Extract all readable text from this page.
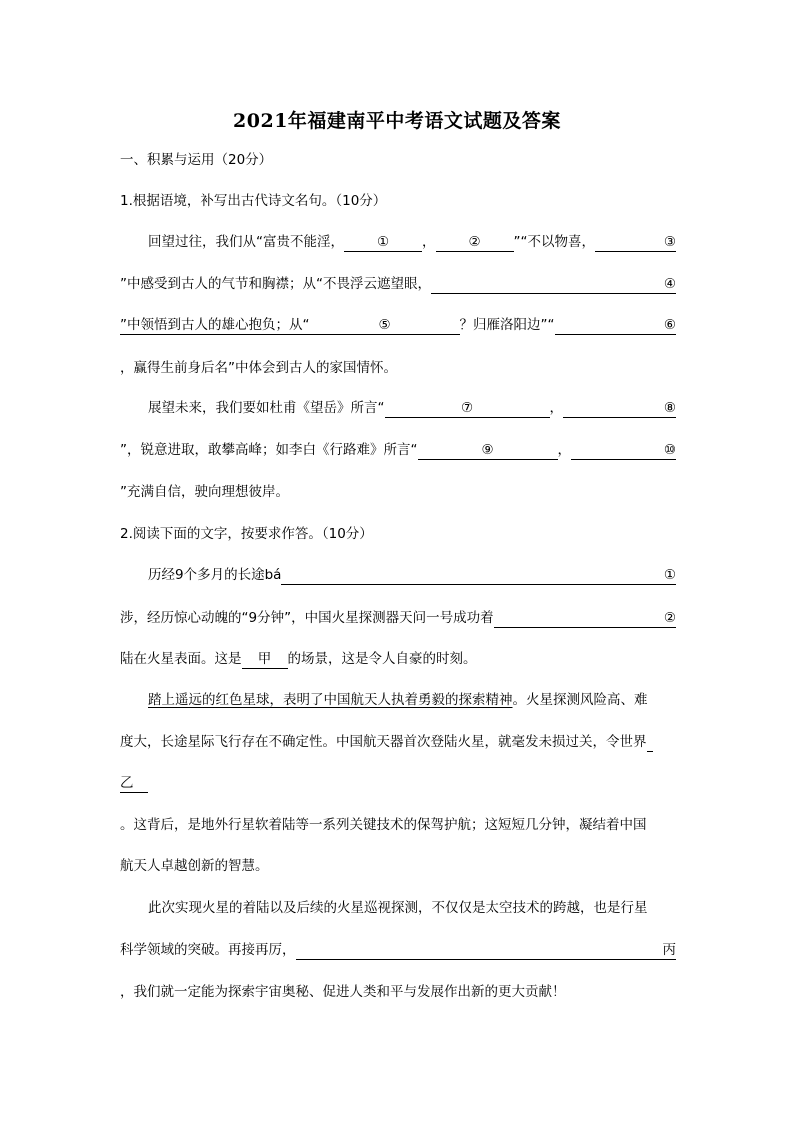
2021年福建南平中考语文试题及答案
一、积累与运用（20分）
1.根据语境，补写出古代诗文名句。（10分）
回望过往，我们从“富贵不能淫，	①	，	②	”“不以物喜，	③
”中感受到古人的气节和胸襟；从“不畏浮云遮望眼，	④
”中领悟到古人的雄心抱负；从“	⑤	？归雁洛阳边”“	⑥
，赢得生前身后名”中体会到古人的家国情怀。
展望未来，我们要如杜甫《望岳》所言“	⑦	，	⑧
”，锐意进取，敢攀高峰；如李白《行路难》所言“	⑨	，	⑩
”充满自信，驶向理想彼岸。
2.阅读下面的文字，按要求作答。（10分）
历经9个多月的长途bá	①
涉，经历惊心动魄的“9分钟”，中国火星探测器天问一号成功着	②
陆在火星表面。这是 甲 的场景，这是令人自豪的时刻。
踏上遥远的红色星球，表明了中国航天人执着勇毅的探索精神。火星探测风险高、难
度大，长途星际飞行存在不确定性。中国航天器首次登陆火星，就毫发未损过关，令世界
乙
。这背后，是地外行星软着陆等一系列关键技术的保驾护航；这短短几分钟，凝结着中国
航天人卓越创新的智慧。
此次实现火星的着陆以及后续的火星巡视探测，不仅仅是太空技术的跨越，也是行星
科学领域的突破。再接再厉，	丙
，我们就一定能为探索宇宙奥秘、促进人类和平与发展作出新的更大贡献！
